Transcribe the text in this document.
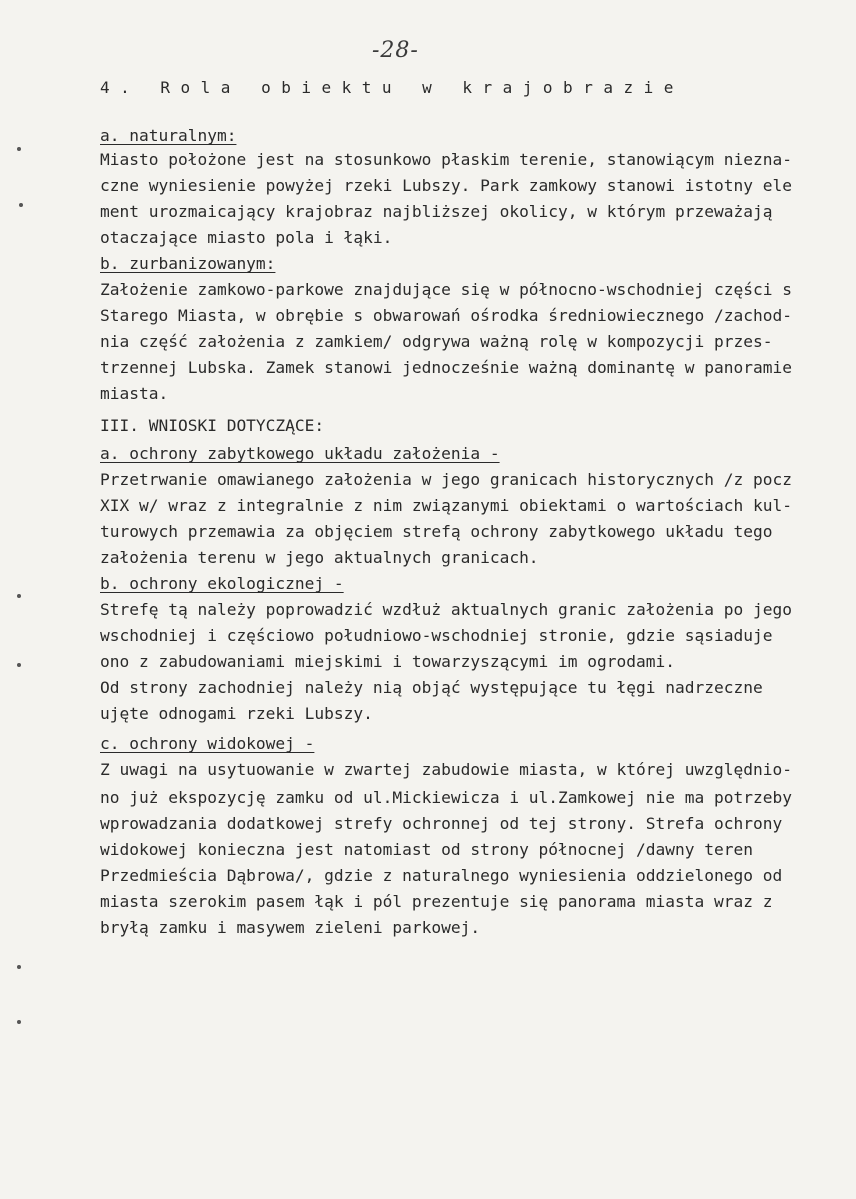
-28-
4. Rola obiektu w krajobrazie
a. naturalnym:
Miasto położone jest na stosunkowo płaskim terenie, stanowiącym niezna-
czne wyniesienie powyżej rzeki Lubszy. Park zamkowy stanowi istotny ele
ment urozmaicający krajobraz najbliższej okolicy, w którym przeważają
otaczające miasto pola i łąki.
b. zurbanizowanym:
Założenie zamkowo-parkowe znajdujące się w północno-wschodniej części s
Starego Miasta, w obrębie s obwarowań ośrodka średniowiecznego /zachod-
nia część założenia z zamkiem/ odgrywa ważną rolę w kompozycji przes-
trzennej Lubska. Zamek stanowi jednocześnie ważną dominantę w panoramie
miasta.
III. WNIOSKI DOTYCZĄCE:
a. ochrony zabytkowego układu założenia -
Przetrwanie omawianego założenia w jego granicach historycznych /z pocz
XIX w/ wraz z integralnie z nim związanymi obiektami o wartościach kul-
turowych przemawia za objęciem strefą ochrony zabytkowego układu tego
założenia terenu w jego aktualnych granicach.
b. ochrony ekologicznej -
Strefę tą należy poprowadzić wzdłuż aktualnych granic założenia po jego
wschodniej i częściowo południowo-wschodniej stronie, gdzie sąsiaduje
ono z zabudowaniami miejskimi i towarzyszącymi im ogrodami.
Od strony zachodniej należy nią objąć występujące tu łęgi nadrzeczne
ujęte odnogami rzeki Lubszy.
c. ochrony widokowej -
Z uwagi na usytuowanie w zwartej zabudowie miasta, w której uwzględnio-
no już ekspozycję zamku od ul.Mickiewicza i ul.Zamkowej nie ma potrzeby
wprowadzania dodatkowej strefy ochronnej od tej strony. Strefa ochrony
widokowej konieczna jest natomiast od strony północnej /dawny teren
Przedmieścia Dąbrowa/, gdzie z naturalnego wyniesienia oddzielonego od
miasta szerokim pasem łąk i pól prezentuje się panorama miasta wraz z
bryłą zamku i masywem zieleni parkowej.
